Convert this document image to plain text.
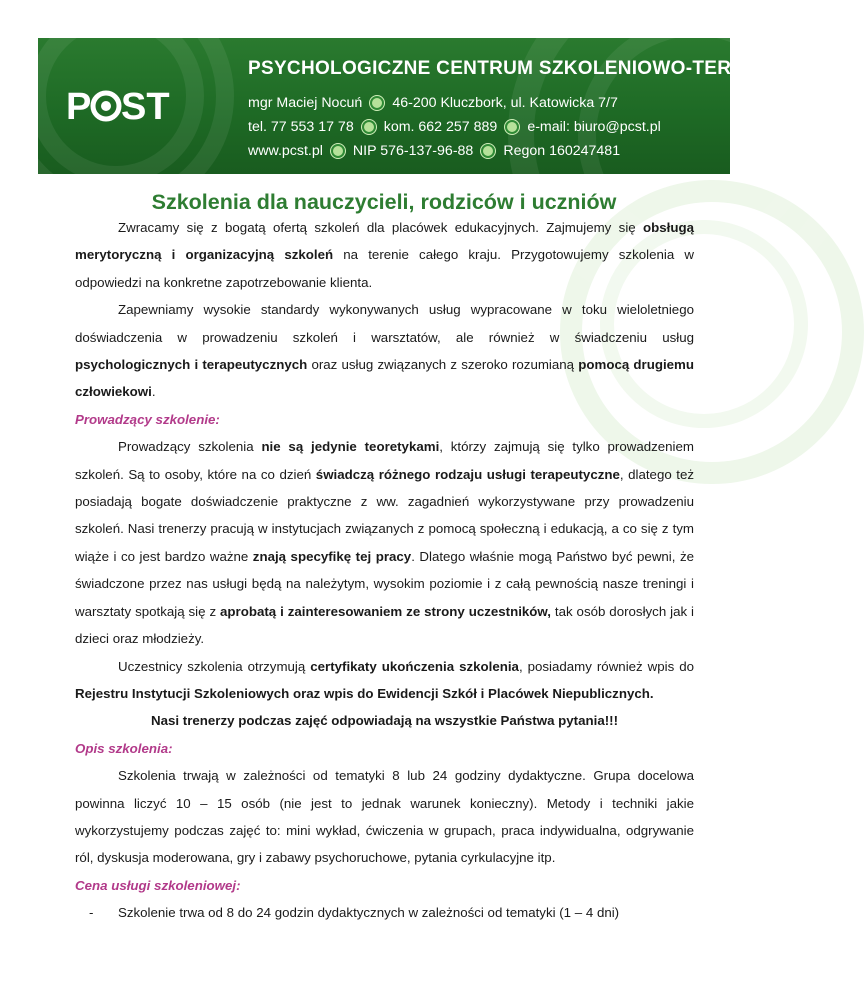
P ST
PSYCHOLOGICZNE CENTRUM SZKOLENIOWO-TERAPEUTYCZNE
mgr Maciej Nocuń 46-200 Kluczbork, ul. Katowicka 7/7
tel. 77 553 17 78 kom. 662 257 889 e-mail: biuro@pcst.pl
www.pcst.pl NIP 576-137-96-88 Regon 160247481
Szkolenia dla nauczycieli, rodziców i uczniów

Zwracamy się z bogatą ofertą szkoleń dla placówek edukacyjnych. Zajmujemy się obsługą merytoryczną i organizacyjną szkoleń na terenie całego kraju. Przygotowujemy szkolenia w odpowiedzi na konkretne zapotrzebowanie klienta.

Zapewniamy wysokie standardy wykonywanych usług wypracowane w toku wieloletniego doświadczenia w prowadzeniu szkoleń i warsztatów, ale również w świadczeniu usług psychologicznych i terapeutycznych oraz usług związanych z szeroko rozumianą pomocą drugiemu człowiekowi.

Prowadzący szkolenie:

Prowadzący szkolenia nie są jedynie teoretykami, którzy zajmują się tylko prowadzeniem szkoleń. Są to osoby, które na co dzień świadczą różnego rodzaju usługi terapeutyczne, dlatego też posiadają bogate doświadczenie praktyczne z ww. zagadnień wykorzystywane przy prowadzeniu szkoleń. Nasi trenerzy pracują w instytucjach związanych z pomocą społeczną i edukacją, a co się z tym wiąże i co jest bardzo ważne znają specyfikę tej pracy. Dlatego właśnie mogą Państwo być pewni, że świadczone przez nas usługi będą na należytym, wysokim poziomie i z całą pewnością nasze treningi i warsztaty spotkają się z aprobatą i zainteresowaniem ze strony uczestników, tak osób dorosłych jak i dzieci oraz młodzieży.

Uczestnicy szkolenia otrzymują certyfikaty ukończenia szkolenia, posiadamy również wpis do Rejestru Instytucji Szkoleniowych oraz wpis do Ewidencji Szkół i Placówek Niepublicznych.

Nasi trenerzy podczas zajęć odpowiadają na wszystkie Państwa pytania!!!

Opis szkolenia:

Szkolenia trwają w zależności od tematyki 8 lub 24 godziny dydaktyczne. Grupa docelowa powinna liczyć 10 – 15 osób (nie jest to jednak warunek konieczny). Metody i techniki jakie wykorzystujemy podczas zajęć to: mini wykład, ćwiczenia w grupach, praca indywidualna, odgrywanie ról, dyskusja moderowana, gry i zabawy psychoruchowe, pytania cyrkulacyjne itp.

Cena usługi szkoleniowej:

-	Szkolenie trwa od 8 do 24 godzin dydaktycznych w zależności od tematyki (1 – 4 dni)
